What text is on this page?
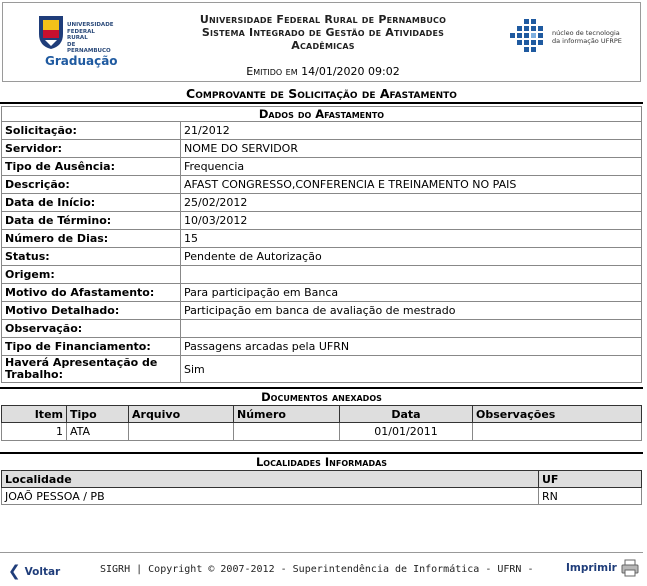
UNIVERSIDADE
FEDERAL RURAL
DE PERNAMBUCO
Graduação
Universidade Federal Rural de Pernambuco
Sistema Integrado de Gestão de Atividades
Acadêmicas
Emitido em 14/01/2020 09:02
núcleo de tecnologia
da informação UFRPE
Comprovante de Solicitação de Afastamento
Dados do Afastamento	
Solicitação:	21/2012
Servidor:	NOME DO SERVIDOR
Tipo de Ausência:	Frequencia
Descrição:	AFAST CONGRESSO,CONFERENCIA E TREINAMENTO NO PAIS
Data de Início:	25/02/2012
Data de Término:	10/03/2012
Número de Dias:	15
Status:	Pendente de Autorização
Origem:	
Motivo do Afastamento:	Para participação em Banca
Motivo Detalhado:	Participação em banca de avaliação de mestrado
Observação:	
Tipo de Financiamento:	Passagens arcadas pela UFRN
Haverá Apresentação de Trabalho:	Sim
Documentos anexados
Item	Tipo	Arquivo	Número	Data	Observações
1	ATA			01/01/2011	
Localidades Informadas
Localidade	UF
JOAÕ PESSOA / PB	RN
❮ Voltar	SIGRH | Copyright © 2007-2012 - Superintendência de Informática - UFRN -	Imprimir
